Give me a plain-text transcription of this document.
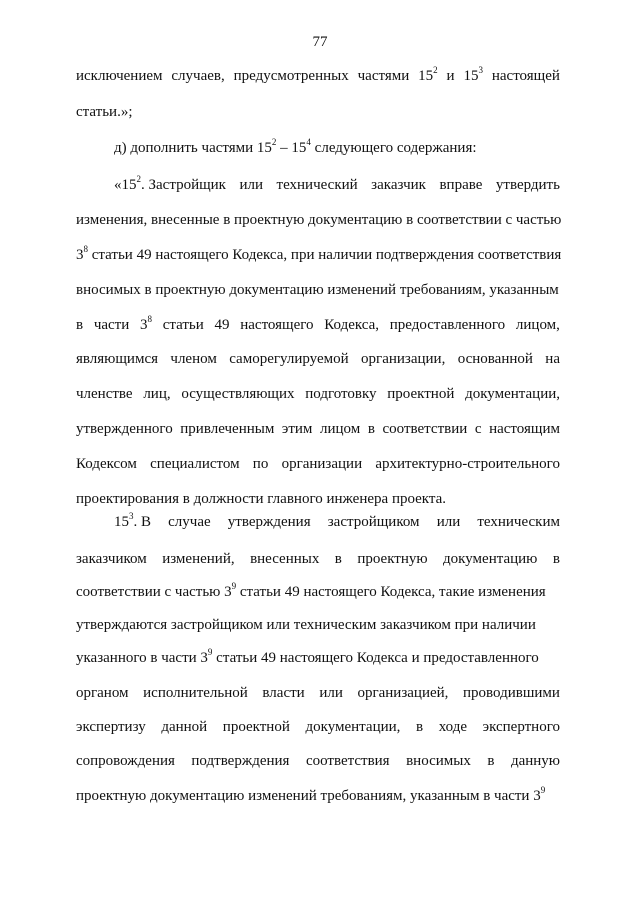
77
исключением случаев, предусмотренных частями $15^2$ и $15^3$ настоящей
статьи.»;
д) дополнить частями $15^2 - 15^4$ следующего содержания:
«$15^2$. Застройщик или технический заказчик вправе утвердить
изменения, внесенные в проектную документацию в соответствии с частью
$3^8$ статьи 49 настоящего Кодекса, при наличии подтверждения соответствия
вносимых в проектную документацию изменений требованиям, указанным
в части $3^8$ статьи 49 настоящего Кодекса, предоставленного лицом,
являющимся членом саморегулируемой организации, основанной на
членстве лиц, осуществляющих подготовку проектной документации,
утвержденного привлеченным этим лицом в соответствии с настоящим
Кодексом специалистом по организации архитектурно-строительного
проектирования в должности главного инженера проекта.
$15^3$. В случае утверждения застройщиком или техническим
заказчиком изменений, внесенных в проектную документацию в
соответствии с частью $3^9$ статьи 49 настоящего Кодекса, такие изменения
утверждаются застройщиком или техническим заказчиком при наличии
указанного в части $3^9$ статьи 49 настоящего Кодекса и предоставленного
органом исполнительной власти или организацией, проводившими
экспертизу данной проектной документации, в ходе экспертного
сопровождения подтверждения соответствия вносимых в данную
проектную документацию изменений требованиям, указанным в части $3^9$
